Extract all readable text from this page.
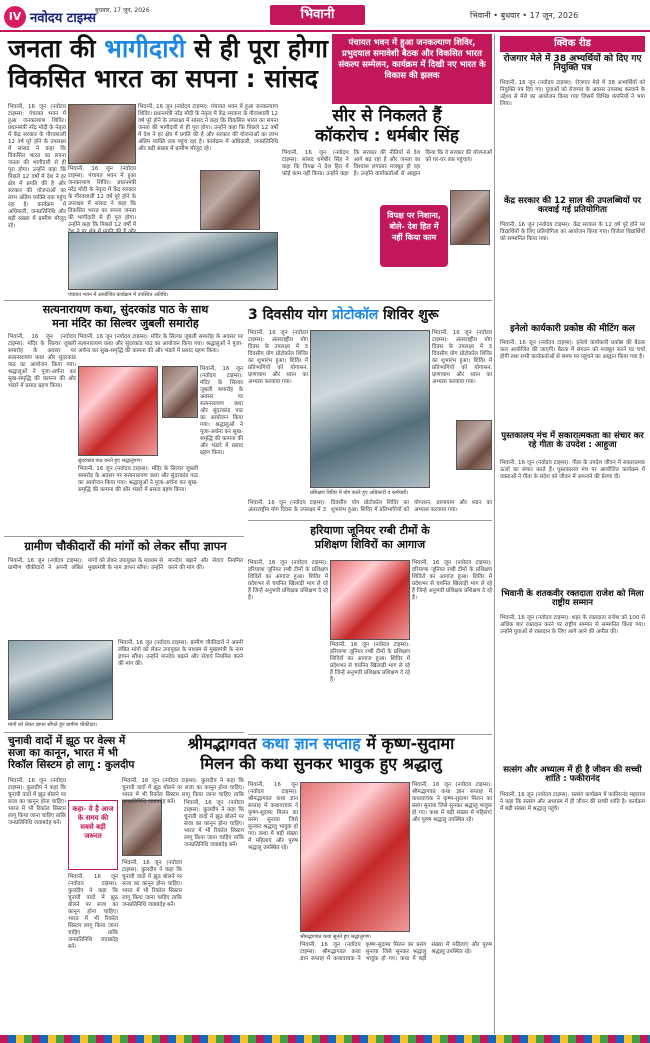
IV नवोदय टाइम्स
बुधवार, 17 जून, 2026	भिवानी	भिवानी • बुधवार • 17 जून, 2026
जनता की भागीदारी से ही पूरा होगा
विकसित भारत का सपना : सांसद
पंचायत भवन में हुआ जनकल्याण शिविर, प्रभुदयाल समावेशी बैठक और विकसित भारत संकल्प सम्मेलन, कार्यक्रम में दिखी नए भारत के विकास की झलक
भिवानी, 16 जून (नवोदय टाइम्स): पंचायत भवन में हुआ जनकल्याण शिविर। प्रधानमंत्री नरेंद्र मोदी के नेतृत्व में केंद्र सरकार के गौरवशाली 12 वर्ष पूरे होने के उपलक्ष्य में सांसद ने कहा कि विकसित भारत का सपना जनता की भागीदारी से ही पूरा होगा। उन्होंने कहा कि पिछले 12 वर्षों में देश ने हर क्षेत्र में प्रगति की है और सरकार की योजनाओं का लाभ अंतिम व्यक्ति तक पहुंच रहा है। कार्यक्रम में अधिकारी, जनप्रतिनिधि और बड़ी संख्या में ग्रामीण मौजूद रहे।
भिवानी, 16 जून (नवोदय टाइम्स): पंचायत भवन में हुआ जनकल्याण शिविर। प्रधानमंत्री नरेंद्र मोदी के नेतृत्व में केंद्र सरकार के गौरवशाली 12 वर्ष पूरे होने के उपलक्ष्य में सांसद ने कहा कि विकसित भारत का सपना जनता की भागीदारी से ही पूरा होगा। उन्होंने कहा कि पिछले 12 वर्षों में देश ने हर क्षेत्र में प्रगति की है और सरकार की योजनाओं का लाभ अंतिम व्यक्ति तक पहुंच रहा है। कार्यक्रम में अधिकारी, जनप्रतिनिधि और बड़ी संख्या में ग्रामीण मौजूद रहे।
भिवानी, 16 जून (नवोदय टाइम्स): पंचायत भवन में हुआ जनकल्याण शिविर। प्रधानमंत्री नरेंद्र मोदी के नेतृत्व में केंद्र सरकार के गौरवशाली 12 वर्ष पूरे होने के उपलक्ष्य में सांसद ने कहा कि विकसित भारत का सपना जनता की भागीदारी से ही पूरा होगा। उन्होंने कहा कि पिछले 12 वर्षों में
पंचायत भवन में आयोजित कार्यक्रम में उपस्थित अतिथि।
सीर से निकलते हैं
कॉकरोच : धर्मबीर सिंह
भिवानी, 16 जून (नवोदय टाइम्स): सांसद धर्मबीर सिंह ने कहा कि विपक्ष ने देश हित में कोई काम नहीं किया। उन्होंने कहा कि सरकार की नीतियों से देश आगे बढ़ रहा है और जनता का विश्वास लगातार मजबूत हो रहा है। उन्होंने कार्यकर्ताओं से आह्वान किया कि वे सरकार की योजनाओं को घर-घर तक पहुंचाएं।
विपक्ष पर निशाना, बोले- देश हित में नहीं किया काम
क्विक रीड
रोजगार मेले में 38 अभ्यर्थियों को दिए गए नियुक्ति पत्र
भिवानी, 16 जून (नवोदय टाइम्स): रोजगार मेले में 38 अभ्यर्थियों को नियुक्ति पत्र दिए गए। युवाओं को रोजगार के अवसर उपलब्ध करवाने के उद्देश्य से मेले का आयोजन किया गया जिसमें विभिन्न कंपनियों ने भाग लिया।
केंद्र सरकार की 12 साल की उपलब्धियों पर करवाई गई प्रतियोगिता
भिवानी, 16 जून (नवोदय टाइम्स): केंद्र सरकार के 12 वर्ष पूरे होने पर विद्यार्थियों के लिए प्रतियोगिता का आयोजन किया गया। विजेता विद्यार्थियों को सम्मानित किया गया।
इनेलो कार्यकारी प्रकोष्ठ की मीटिंग कल
भिवानी, 16 जून (नवोदय टाइम्स): इनेलो कार्यकारी प्रकोष्ठ की बैठक कल आयोजित की जाएगी। बैठक में संगठन को मजबूत करने पर चर्चा होगी तथा सभी कार्यकर्ताओं से समय पर पहुंचने का आह्वान किया गया है।
पुस्तकालय मंच में सकारात्मकता का संचार कर रहे गीता के उपदेश : आहूजा
भिवानी, 16 जून (नवोदय टाइम्स): गीता के उपदेश जीवन में सकारात्मक ऊर्जा का संचार करते हैं। पुस्तकालय मंच पर आयोजित कार्यक्रम में वक्ताओं ने गीता के संदेश को जीवन में अपनाने की प्रेरणा दी।
भिवानी के शतकवीर रक्तदाता राजेश को मिला राष्ट्रीय सम्मान
भिवानी, 16 जून (नवोदय टाइम्स): शहर के रक्तदाता राजेश को 100 से अधिक बार रक्तदान करने पर राष्ट्रीय सम्मान से सम्मानित किया गया। उन्होंने युवाओं से रक्तदान के लिए आगे आने की अपील की।
सत्संग और अध्यात्म में ही है जीवन की सच्ची शांति : फकीरानंद
भिवानी, 16 जून (नवोदय टाइम्स): सत्संग कार्यक्रम में फकीरानंद महाराज ने कहा कि सत्संग और अध्यात्म में ही जीवन की सच्ची शांति है। कार्यक्रम में बड़ी संख्या में श्रद्धालु पहुंचे।
सत्यनारायण कथा, सुंदरकांड पाठ के साथ
मना मंदिर का सिल्वर जुबली समारोह
भिवानी, 16 जून (नवोदय टाइम्स): मंदिर के सिल्वर जुबली समारोह के अवसर पर सत्यनारायण कथा और सुंदरकांड पाठ का आयोजन किया गया। श्रद्धालुओं ने पूजा-अर्चना कर सुख-समृद्धि की कामना की और भंडारे में प्रसाद ग्रहण किया।
सुंदरकांड पाठ करते हुए श्रद्धालुगण।
भिवानी, 16 जून (नवोदय टाइम्स): मंदिर के सिल्वर जुबली समारोह के अवसर पर सत्यनारायण कथा और सुंदरकांड पाठ का आयोजन किया गया। श्रद्धालुओं ने पूजा-अर्चना कर सुख-समृद्धि की कामना की और भंडारे में प्रसाद ग्रहण किया।
भिवानी, 16 जून (नवोदय टाइम्स): मंदिर के सिल्वर जुबली समारोह के अवसर पर सत्यनारायण कथा और सुंदरकांड पाठ का आयोजन किया गया। श्रद्धालुओं ने पूजा-अर्चना कर सुख-समृद्धि की कामना की और भंडारे में प्रसाद ग्रहण किया।
भिवानी, 16 जून (नवोदय टाइम्स): मंदिर के सिल्वर जुबली समारोह के अवसर पर सत्यनारायण कथा और सुंदरकांड पाठ का आयोजन किया गया। श्रद्धालुओं ने पूजा-अर्चना कर सुख-समृद्धि की कामना की और भंडारे में प्रसाद ग्रहण किया।
3 दिवसीय योग प्रोटोकॉल शिविर शुरू
भिवानी, 16 जून (नवोदय टाइम्स): अंतरराष्ट्रीय योग दिवस के उपलक्ष्य में 3 दिवसीय योग प्रोटोकॉल शिविर का शुभारंभ हुआ। शिविर में प्रतिभागियों को योगासन, प्राणायाम और ध्यान का अभ्यास करवाया गया।
भिवानी, 16 जून (नवोदय टाइम्स): अंतरराष्ट्रीय योग दिवस के उपलक्ष्य में 3 दिवसीय योग प्रोटोकॉल शिविर का शुभारंभ हुआ। शिविर में प्रतिभागियों को योगासन, प्राणायाम और ध्यान का अभ्यास करवाया गया।
प्रशिक्षण शिविर में योग करते हुए अधिकारी व कर्मचारी।
भिवानी, 16 जून (नवोदय टाइम्स): अंतरराष्ट्रीय योग दिवस के उपलक्ष्य में 3 दिवसीय योग प्रोटोकॉल शिविर का शुभारंभ हुआ। शिविर में प्रतिभागियों को योगासन, प्राणायाम और ध्यान का अभ्यास करवाया गया।
ग्रामीण चौकीदारों की मांगों को लेकर सौंपा ज्ञापन
भिवानी, 16 जून (नवोदय टाइम्स): ग्रामीण चौकीदारों ने अपनी लंबित मांगों को लेकर उपायुक्त के माध्यम से मुख्यमंत्री के नाम ज्ञापन सौंपा। उन्होंने मानदेय बढ़ाने और सेवाएं नियमित करने की मांग की।
मांगों को लेकर ज्ञापन सौंपते हुए ग्रामीण चौकीदार।
भिवानी, 16 जून (नवोदय टाइम्स): ग्रामीण चौकीदारों ने अपनी लंबित मांगों को लेकर उपायुक्त के माध्यम से मुख्यमंत्री के नाम ज्ञापन सौंपा। उन्होंने मानदेय बढ़ाने और सेवाएं नियमित करने की मांग की।
हरियाणा जूनियर रग्बी टीमों के
प्रशिक्षण शिविरों का आगाज
भिवानी, 16 जून (नवोदय टाइम्स): हरियाणा जूनियर रग्बी टीमों के प्रशिक्षण शिविरों का आगाज हुआ। शिविर में प्रदेशभर से चयनित खिलाड़ी भाग ले रहे हैं जिन्हें अनुभवी प्रशिक्षक प्रशिक्षण दे रहे हैं।
भिवानी, 16 जून (नवोदय टाइम्स): हरियाणा जूनियर रग्बी टीमों के प्रशिक्षण शिविरों का आगाज हुआ। शिविर में प्रदेशभर से चयनित खिलाड़ी भाग ले रहे हैं जिन्हें अनुभवी प्रशिक्षक प्रशिक्षण दे रहे हैं।
भिवानी, 16 जून (नवोदय टाइम्स): हरियाणा जूनियर रग्बी टीमों के प्रशिक्षण शिविरों का आगाज हुआ। शिविर में प्रदेशभर से चयनित खिलाड़ी भाग ले रहे हैं जिन्हें अनुभवी प्रशिक्षक प्रशिक्षण दे रहे हैं।
चुनावी वादों में झूठ पर वेल्स में
सजा का कानून, भारत में भी
रिकॉल सिस्टम हो लागू : कुलदीप
भिवानी, 16 जून (नवोदय टाइम्स): कुलदीप ने कहा कि चुनावी वादों में झूठ बोलने पर सजा का कानून होना चाहिए। भारत में भी रिकॉल सिस्टम लागू किया जाना चाहिए ताकि जनप्रतिनिधि जवाबदेह बनें।
कहा- ये है आज के समय की सबसे बड़ी जरूरत
भिवानी, 16 जून (नवोदय टाइम्स): कुलदीप ने कहा कि चुनावी वादों में झूठ बोलने पर सजा का कानून होना चाहिए। भारत में भी रिकॉल सिस्टम लागू किया जाना चाहिए ताकि जनप्रतिनिधि जवाबदेह बनें।
भिवानी, 16 जून (नवोदय टाइम्स): कुलदीप ने कहा कि चुनावी वादों में झूठ बोलने पर सजा का कानून होना चाहिए। भारत में भी रिकॉल सिस्टम लागू किया जाना चाहिए ताकि जनप्रतिनिधि जवाबदेह बनें।
भिवानी, 16 जून (नवोदय टाइम्स): कुलदीप ने कहा कि चुनावी वादों में झूठ बोलने पर सजा का कानून होना चाहिए। भारत में भी रिकॉल सिस्टम लागू किया जाना चाहिए ताकि जनप्रतिनिधि जवाबदेह बनें।
भिवानी, 16 जून (नवोदय टाइम्स): कुलदीप ने कहा कि चुनावी वादों में झूठ बोलने पर सजा का कानून होना चाहिए। भारत में भी रिकॉल सिस्टम लागू किया जाना चाहिए ताकि जनप्रतिनिधि जवाबदेह बनें।
श्रीमद्भागवत कथा ज्ञान सप्ताह में कृष्ण-सुदामा
मिलन की कथा सुनकर भावुक हुए श्रद्धालु
भिवानी, 16 जून (नवोदय टाइम्स): श्रीमद्भागवत कथा ज्ञान सप्ताह में कथावाचक ने कृष्ण-सुदामा मिलन का प्रसंग सुनाया जिसे सुनकर श्रद्धालु भावुक हो गए। कथा में बड़ी संख्या में महिलाएं और पुरुष श्रद्धालु उपस्थित रहे।
श्रीमद्भागवत कथा सुनते हुए श्रद्धालुगण।
भिवानी, 16 जून (नवोदय टाइम्स): श्रीमद्भागवत कथा ज्ञान सप्ताह में कथावाचक ने कृष्ण-सुदामा मिलन का प्रसंग सुनाया जिसे सुनकर श्रद्धालु भावुक हो गए। कथा में बड़ी संख्या में महिलाएं और पुरुष श्रद्धालु उपस्थित रहे।
भिवानी, 16 जून (नवोदय टाइम्स): श्रीमद्भागवत कथा ज्ञान सप्ताह में कथावाचक ने कृष्ण-सुदामा मिलन का प्रसंग सुनाया जिसे सुनकर श्रद्धालु भावुक हो गए। कथा में बड़ी संख्या में महिलाएं और पुरुष श्रद्धालु उपस्थित रहे।
